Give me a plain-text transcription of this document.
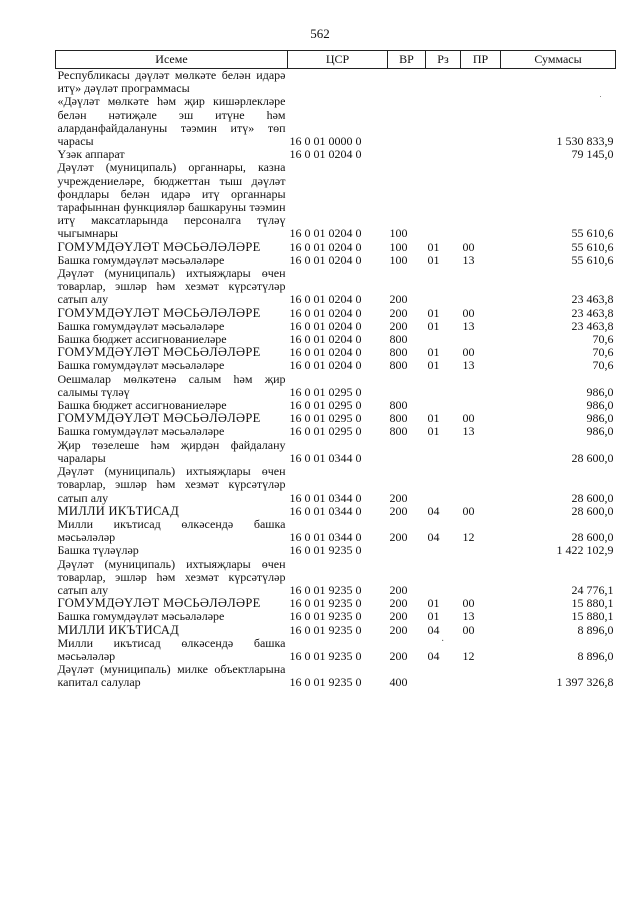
562
Исеме	ЦСР	ВР	Рз	ПР	Суммасы
Республикасы дәүләт мөлкәте белән идарә итү» дәүләт программасы					
«Дәүләт мөлкәте һәм җир кишәрлекләре белән нәтиҗәле эш итүне һәм аларданфайдалануны тәэмин итү» төп чарасы	16 0 01 0000 0				1 530 833,9
Үзәк аппарат	16 0 01 0204 0				79 145,0
Дәүләт (муниципаль) органнары, казна учреждениеләре, бюджеттан тыш дәүләт фондлары белән идарә итү органнары тарафыннан функцияләр башкаруны тәэмин итү максатларында персоналга түләү чыгымнары	16 0 01 0204 0	100			55 610,6
ГОМУМДӘҮЛӘТ МӘСЬӘЛӘЛӘРЕ	16 0 01 0204 0	100	01	00	55 610,6
Башка гомумдәүләт мәсьәләләре	16 0 01 0204 0	100	01	13	55 610,6
Дәүләт (муниципаль) ихтыяҗлары өчен товарлар, эшләр һәм хезмәт күрсәтүләр сатып алу	16 0 01 0204 0	200			23 463,8
ГОМУМДӘҮЛӘТ МӘСЬӘЛӘЛӘРЕ	16 0 01 0204 0	200	01	00	23 463,8
Башка гомумдәүләт мәсьәләләре	16 0 01 0204 0	200	01	13	23 463,8
Башка бюджет ассигнованиеләре	16 0 01 0204 0	800			70,6
ГОМУМДӘҮЛӘТ МӘСЬӘЛӘЛӘРЕ	16 0 01 0204 0	800	01	00	70,6
Башка гомумдәүләт мәсьәләләре	16 0 01 0204 0	800	01	13	70,6
Оешмалар мөлкәтенә салым һәм җир салымы түләү	16 0 01 0295 0				986,0
Башка бюджет ассигнованиеләре	16 0 01 0295 0	800			986,0
ГОМУМДӘҮЛӘТ МӘСЬӘЛӘЛӘРЕ	16 0 01 0295 0	800	01	00	986,0
Башка гомумдәүләт мәсьәләләре	16 0 01 0295 0	800	01	13	986,0
Җир төзелеше һәм җирдән файдалану чаралары	16 0 01 0344 0				28 600,0
Дәүләт (муниципаль) ихтыяҗлары өчен товарлар, эшләр һәм хезмәт күрсәтүләр сатып алу	16 0 01 0344 0	200			28 600,0
МИЛЛИ ИКЪТИСАД	16 0 01 0344 0	200	04	00	28 600,0
Милли икътисад өлкәсендә башка мәсьәләләр	16 0 01 0344 0	200	04	12	28 600,0
Башка түләүләр	16 0 01 9235 0				1 422 102,9
Дәүләт (муниципаль) ихтыяҗлары өчен товарлар, эшләр һәм хезмәт күрсәтүләр сатып алу	16 0 01 9235 0	200			24 776,1
ГОМУМДӘҮЛӘТ МӘСЬӘЛӘЛӘРЕ	16 0 01 9235 0	200	01	00	15 880,1
Башка гомумдәүләт мәсьәләләре	16 0 01 9235 0	200	01	13	15 880,1
МИЛЛИ ИКЪТИСАД	16 0 01 9235 0	200	04	00	8 896,0
Милли икътисад өлкәсендә башка мәсьәләләр	16 0 01 9235 0	200	04	12	8 896,0
Дәүләт (муниципаль) милке объектларына капитал салулар	16 0 01 9235 0	400			1 397 326,8
·
